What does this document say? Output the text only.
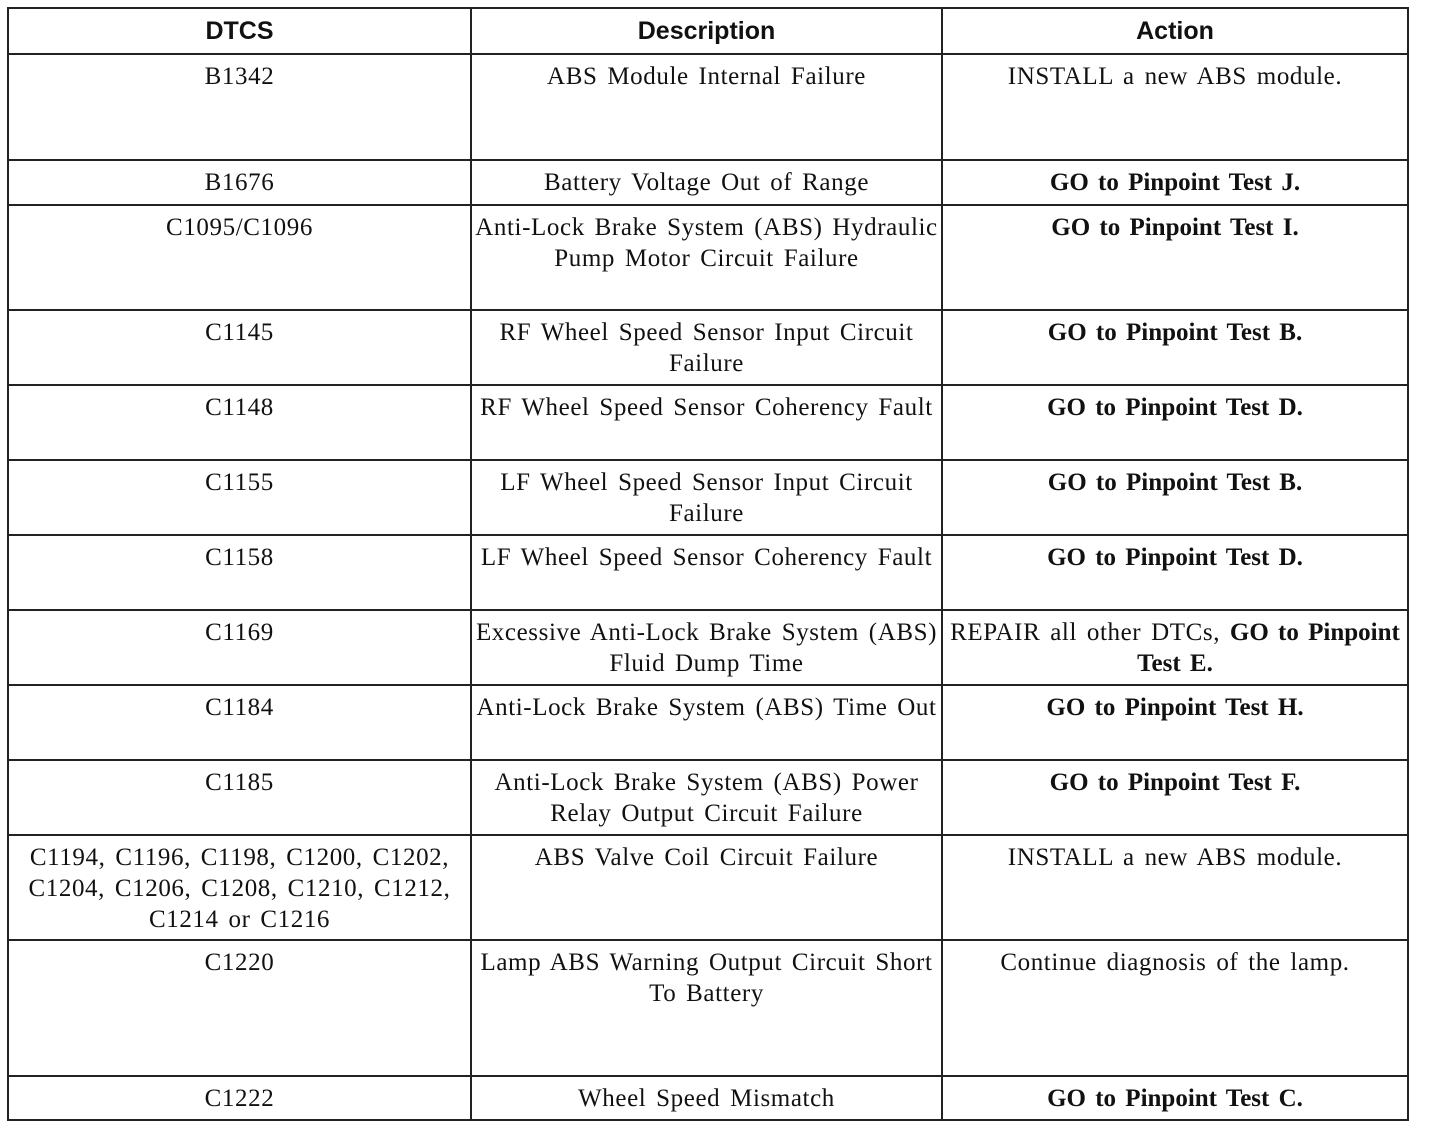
DTCS	Description	Action
B1342	ABS Module Internal Failure	INSTALL a new ABS module.
B1676	Battery Voltage Out of Range	GO to Pinpoint Test J.
C1095/C1096	Anti-Lock Brake System (ABS) Hydraulic Pump Motor Circuit Failure	GO to Pinpoint Test I.
C1145	RF Wheel Speed Sensor Input Circuit Failure	GO to Pinpoint Test B.
C1148	RF Wheel Speed Sensor Coherency Fault	GO to Pinpoint Test D.
C1155	LF Wheel Speed Sensor Input Circuit Failure	GO to Pinpoint Test B.
C1158	LF Wheel Speed Sensor Coherency Fault	GO to Pinpoint Test D.
C1169	Excessive Anti-Lock Brake System (ABS) Fluid Dump Time	REPAIR all other DTCs, GO to Pinpoint Test E.
C1184	Anti-Lock Brake System (ABS) Time Out	GO to Pinpoint Test H.
C1185	Anti-Lock Brake System (ABS) Power Relay Output Circuit Failure	GO to Pinpoint Test F.
C1194, C1196, C1198, C1200, C1202, C1204, C1206, C1208, C1210, C1212, C1214 or C1216	ABS Valve Coil Circuit Failure	INSTALL a new ABS module.
C1220	Lamp ABS Warning Output Circuit Short To Battery	Continue diagnosis of the lamp.
C1222	Wheel Speed Mismatch	GO to Pinpoint Test C.
